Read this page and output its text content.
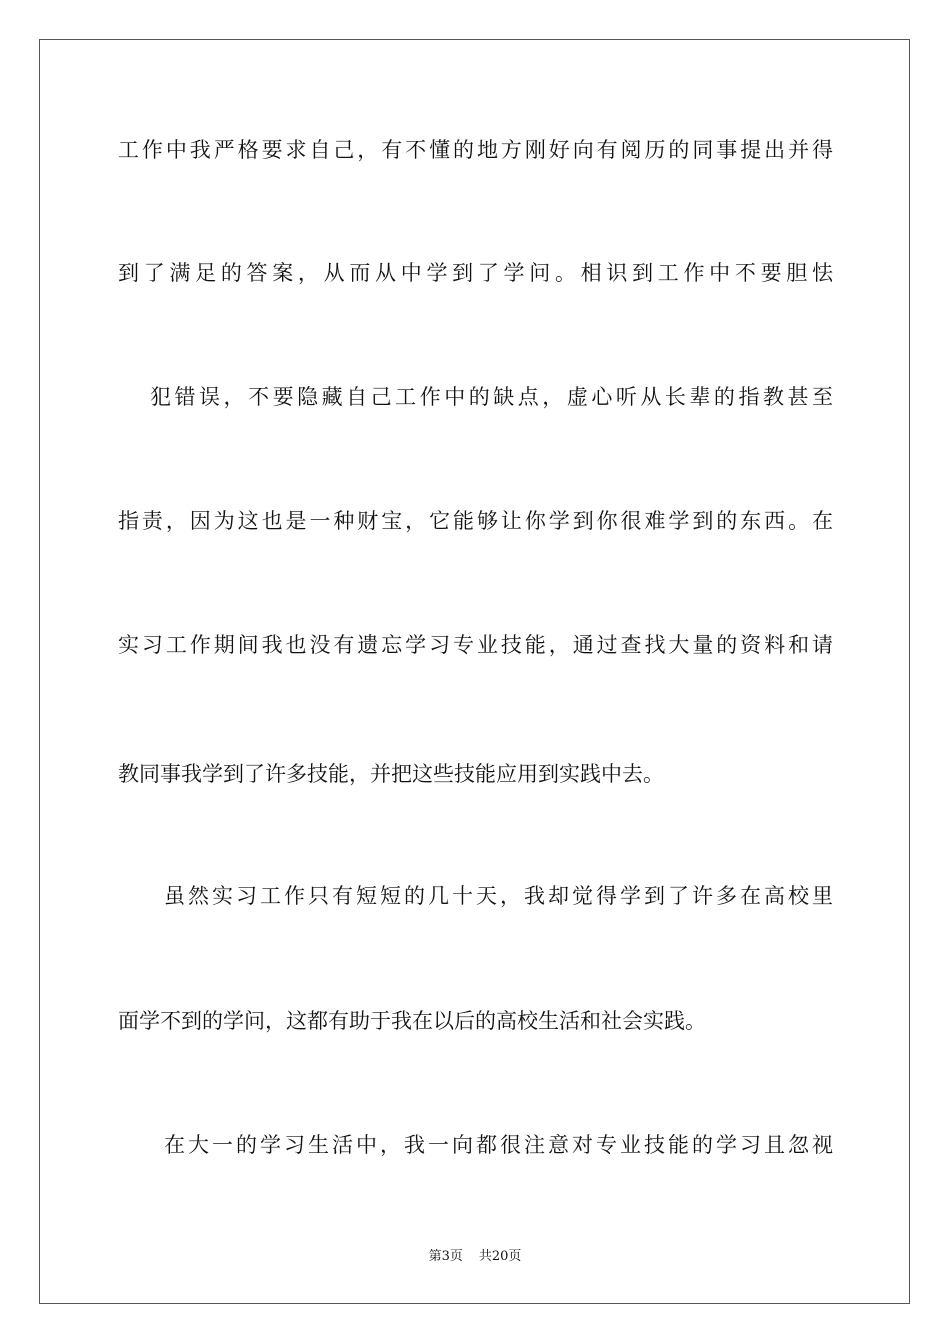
工作中我严格要求自己，有不懂的地方刚好向有阅历的同事提出并得
到了满足的答案，从而从中学到了学问。相识到工作中不要胆怯
犯错误，不要隐藏自己工作中的缺点，虚心听从长辈的指教甚至
指责，因为这也是一种财宝，它能够让你学到你很难学到的东西。在
实习工作期间我也没有遗忘学习专业技能，通过查找大量的资料和请
教同事我学到了许多技能，并把这些技能应用到实践中去。
虽然实习工作只有短短的几十天，我却觉得学到了许多在高校里
面学不到的学问，这都有助于我在以后的高校生活和社会实践。
在大一的学习生活中，我一向都很注意对专业技能的学习且忽视
第3页 共20页
